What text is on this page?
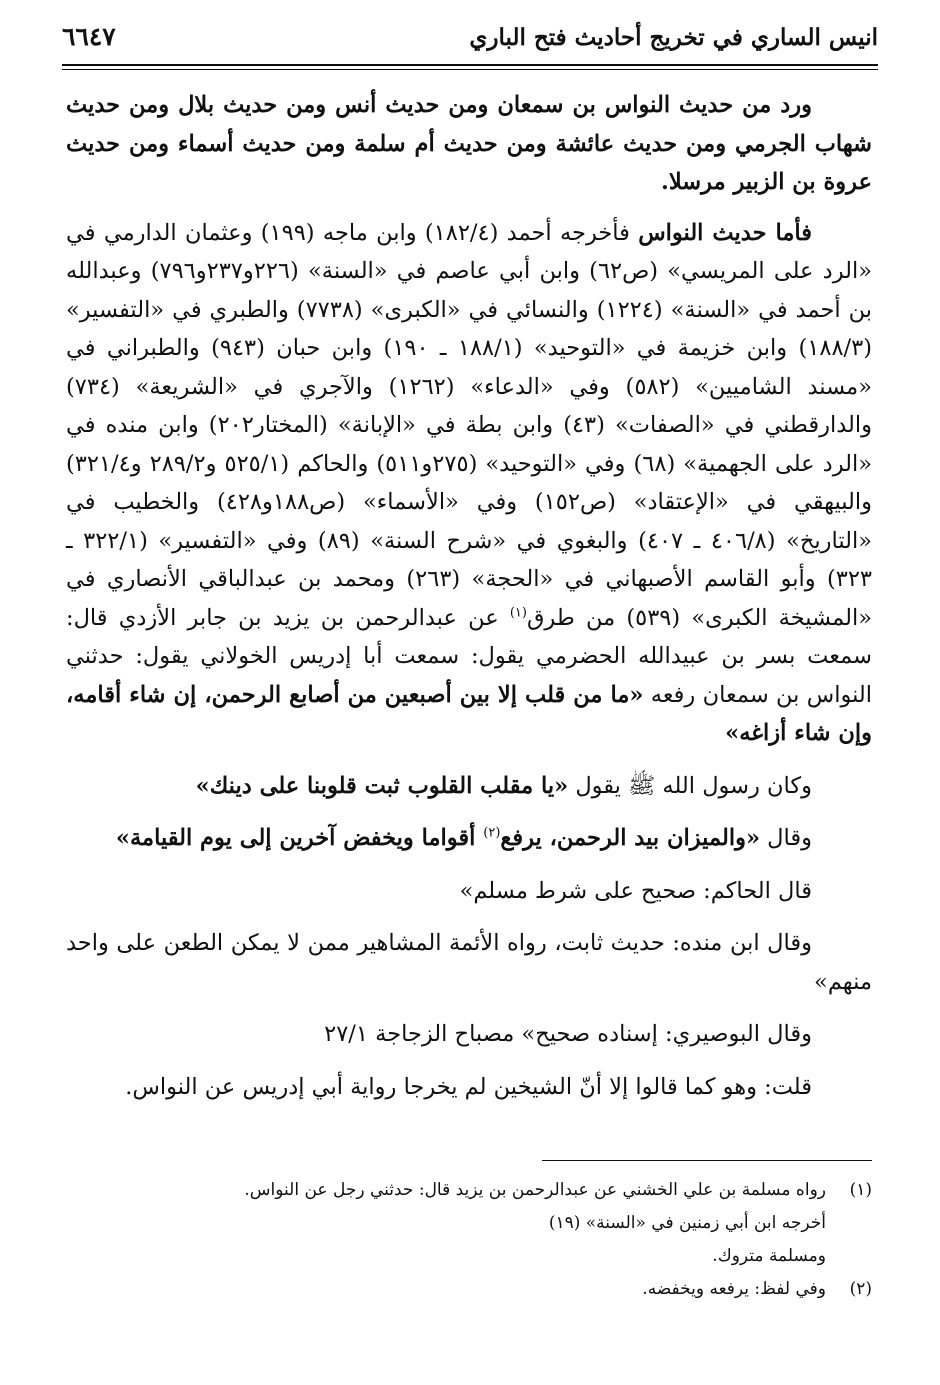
انيس الساري في تخريج أحاديث فتح الباري
٦٦٤٧

ورد من حديث النواس بن سمعان ومن حديث أنس ومن حديث بلال ومن حديث شهاب الجرمي ومن حديث عائشة ومن حديث أم سلمة ومن حديث أسماء ومن حديث عروة بن الزبير مرسلا.

فأما حديث النواس فأخرجه أحمد (١٨٢/٤) وابن ماجه (١٩٩) وعثمان الدارمي في «الرد على المريسي» (ص٦٢) وابن أبي عاصم في «السنة» (٢٢٦و٢٣٧و٧٩٦) وعبدالله بن أحمد في «السنة» (١٢٢٤) والنسائي في «الكبرى» (٧٧٣٨) والطبري في «التفسير» (١٨٨/٣) وابن خزيمة في «التوحيد» (١٨٨/١ ـ ١٩٠) وابن حبان (٩٤٣) والطبراني في «مسند الشاميين» (٥٨٢) وفي «الدعاء» (١٢٦٢) والآجري في «الشريعة» (٧٣٤) والدارقطني في «الصفات» (٤٣) وابن بطة في «الإبانة» (المختار٢٠٢) وابن منده في «الرد على الجهمية» (٦٨) وفي «التوحيد» (٢٧٥و٥١١) والحاكم (٥٢٥/١ و٢٨٩/٢ و٣٢١/٤) والبيهقي في «الإعتقاد» (ص١٥٢) وفي «الأسماء» (ص١٨٨و٤٢٨) والخطيب في «التاريخ» (٤٠٦/٨ ـ ٤٠٧) والبغوي في «شرح السنة» (٨٩) وفي «التفسير» (٣٢٢/١ ـ ٣٢٣) وأبو القاسم الأصبهاني في «الحجة» (٢٦٣) ومحمد بن عبدالباقي الأنصاري في «المشيخة الكبرى» (٥٣٩) من طرق$^{(١)}$ عن عبدالرحمن بن يزيد بن جابر الأزدي قال: سمعت بسر بن عبيدالله الحضرمي يقول: سمعت أبا إدريس الخولاني يقول: حدثني النواس بن سمعان رفعه «ما من قلب إلا بين أصبعين من أصابع الرحمن، إن شاء أقامه، وإن شاء أزاغه»

وكان رسول الله ﷺ يقول «يا مقلب القلوب ثبت قلوبنا على دينك»

وقال «والميزان بيد الرحمن، يرفع$^{(٢)}$ أقواما ويخفض آخرين إلى يوم القيامة»

قال الحاكم: صحيح على شرط مسلم»

وقال ابن منده: حديث ثابت، رواه الأئمة المشاهير ممن لا يمكن الطعن على واحد منهم»

وقال البوصيري: إسناده صحيح» مصباح الزجاجة ٢٧/١

قلت: وهو كما قالوا إلا أنّ الشيخين لم يخرجا رواية أبي إدريس عن النواس.

(١)
رواه مسلمة بن علي الخشني عن عبدالرحمن بن يزيد قال: حدثني رجل عن النواس.
أخرجه ابن أبي زمنين في «السنة» (١٩)
ومسلمة متروك.
(٢)
وفي لفظ: يرفعه ويخفضه.
